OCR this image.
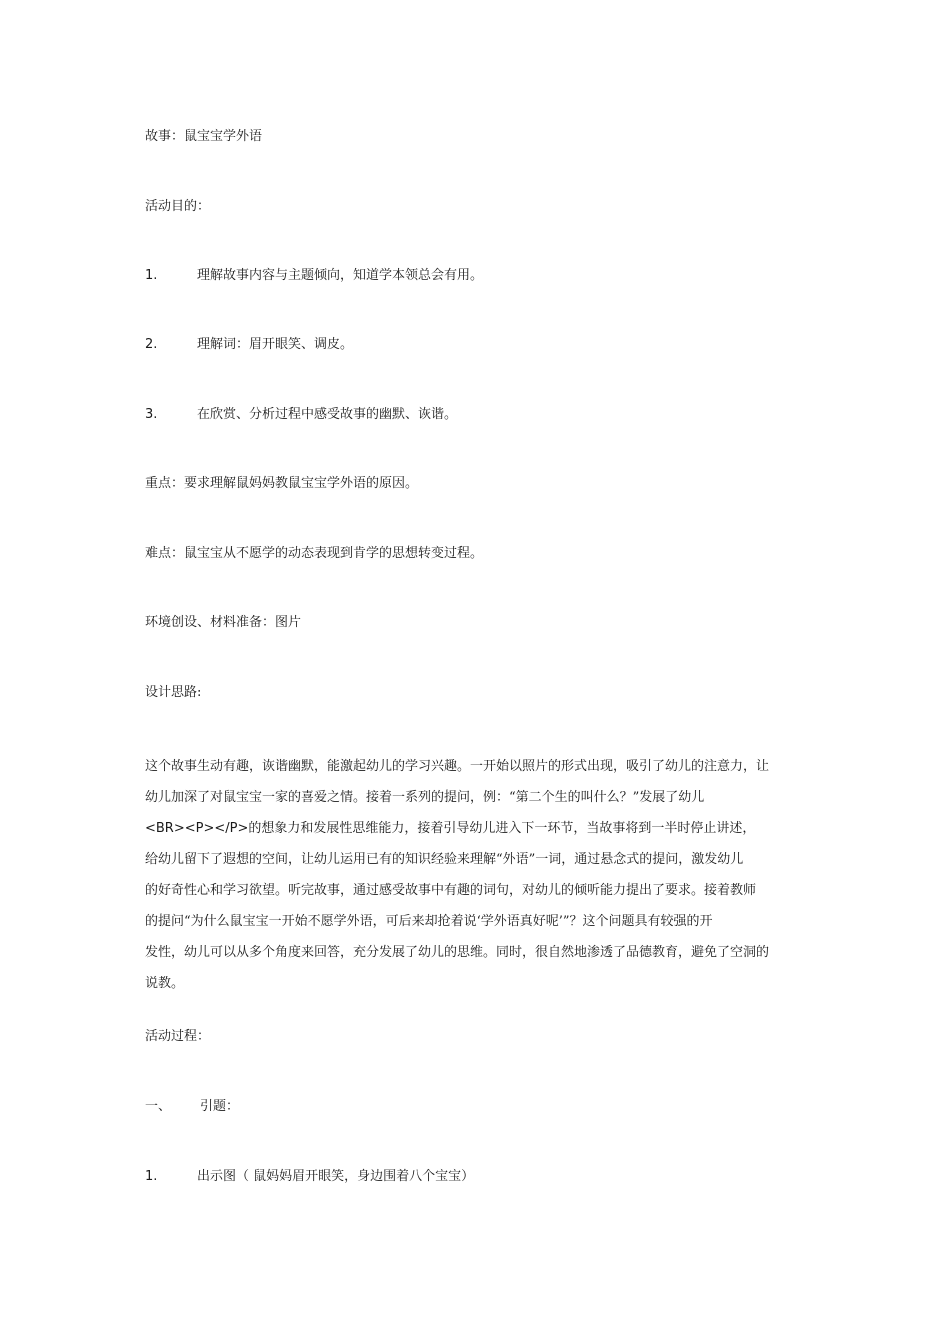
故事：鼠宝宝学外语
活动目的：
1.	理解故事内容与主题倾向，知道学本领总会有用。
2.	理解词：眉开眼笑、调皮。
3.	在欣赏、分析过程中感受故事的幽默、诙谐。
重点：要求理解鼠妈妈教鼠宝宝学外语的原因。
难点：鼠宝宝从不愿学的动态表现到肯学的思想转变过程。
环境创设、材料准备：图片
设计思路:
这个故事生动有趣，诙谐幽默，能激起幼儿的学习兴趣。一开始以照片的形式出现，吸引了幼儿的注意力，让
幼儿加深了对鼠宝宝一家的喜爱之情。接着一系列的提问，例：“第二个生的叫什么？”发展了幼儿
<BR><P></P>的想象力和发展性思维能力，接着引导幼儿进入下一环节，当故事将到一半时停止讲述，
给幼儿留下了遐想的空间，让幼儿运用已有的知识经验来理解“外语”一词，通过悬念式的提问，激发幼儿
的好奇性心和学习欲望。听完故事，通过感受故事中有趣的词句，对幼儿的倾听能力提出了要求。接着教师
的提问“为什么鼠宝宝一开始不愿学外语，可后来却抢着说‘学外语真好呢’”？这个问题具有较强的开
发性，幼儿可以从多个角度来回答，充分发展了幼儿的思维。同时，很自然地渗透了品德教育，避免了空洞的
说教。
活动过程：
一、 引题：
1.	出示图（ 鼠妈妈眉开眼笑，身边围着八个宝宝）
